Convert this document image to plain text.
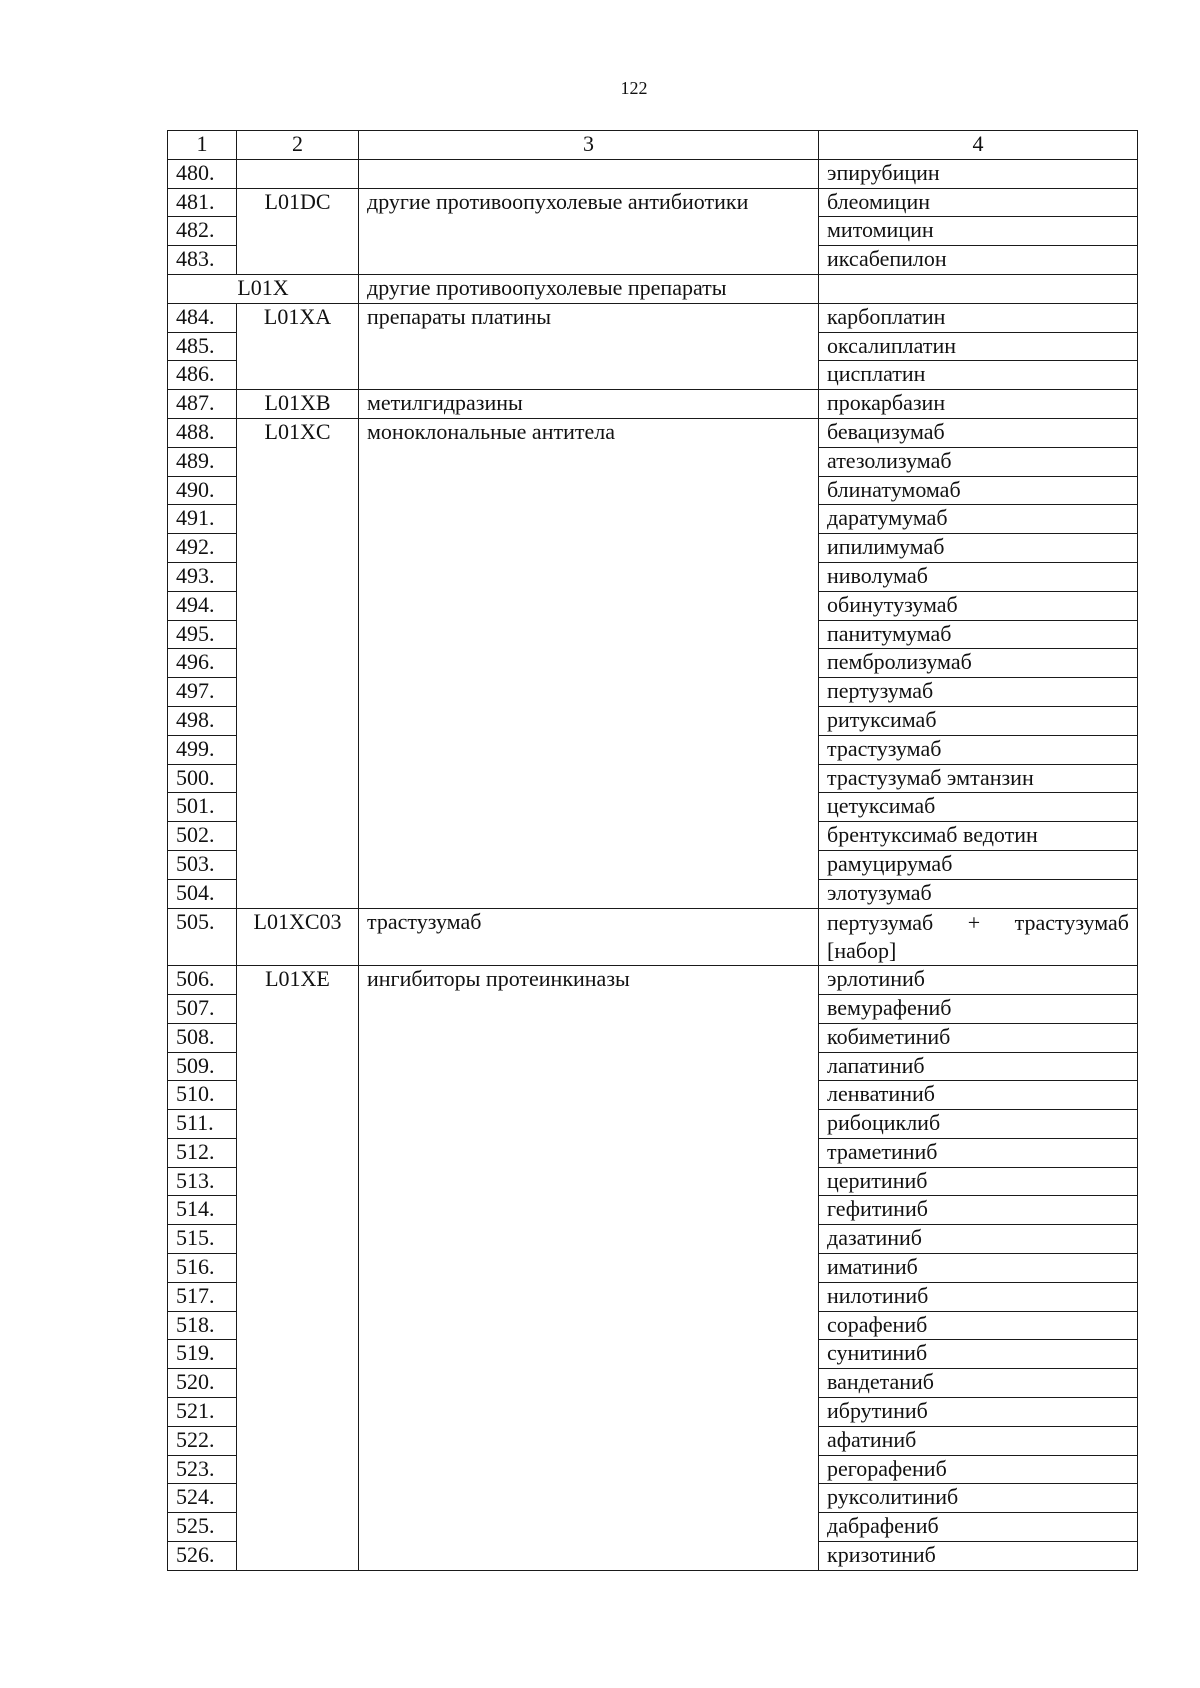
122
1	2	3	4
480.			эпирубицин
481.	L01DC	другие противоопухолевые антибиотики	блеомицин
482.			митомицин
483.			иксабепилон
L01X		другие противоопухолевые препараты	
484.	L01XA	препараты платины	карбоплатин
485.			оксалиплатин
486.			цисплатин
487.	L01XB	метилгидразины	прокарбазин
488.	L01XC	моноклональные антитела	бевацизумаб
489.			атезолизумаб
490.			блинатумомаб
491.			даратумумаб
492.			ипилимумаб
493.			ниволумаб
494.			обинутузумаб
495.			панитумумаб
496.			пембролизумаб
497.			пертузумаб
498.			ритуксимаб
499.			трастузумаб
500.			трастузумаб эмтанзин
501.			цетуксимаб
502.			брентуксимаб ведотин
503.			рамуцирумаб
504.			элотузумаб
505.	L01XC03	трастузумаб	пертузумаб + трастузумаб
[набор]

506.	L01XE	ингибиторы протеинкиназы	эрлотиниб
507.			вемурафениб
508.			кобиметиниб
509.			лапатиниб
510.			ленватиниб
511.			рибоциклиб
512.			траметиниб
513.			церитиниб
514.			гефитиниб
515.			дазатиниб
516.			иматиниб
517.			нилотиниб
518.			сорафениб
519.			сунитиниб
520.			вандетаниб
521.			ибрутиниб
522.			афатиниб
523.			регорафениб
524.			руксолитиниб
525.			дабрафениб
526.			кризотиниб
